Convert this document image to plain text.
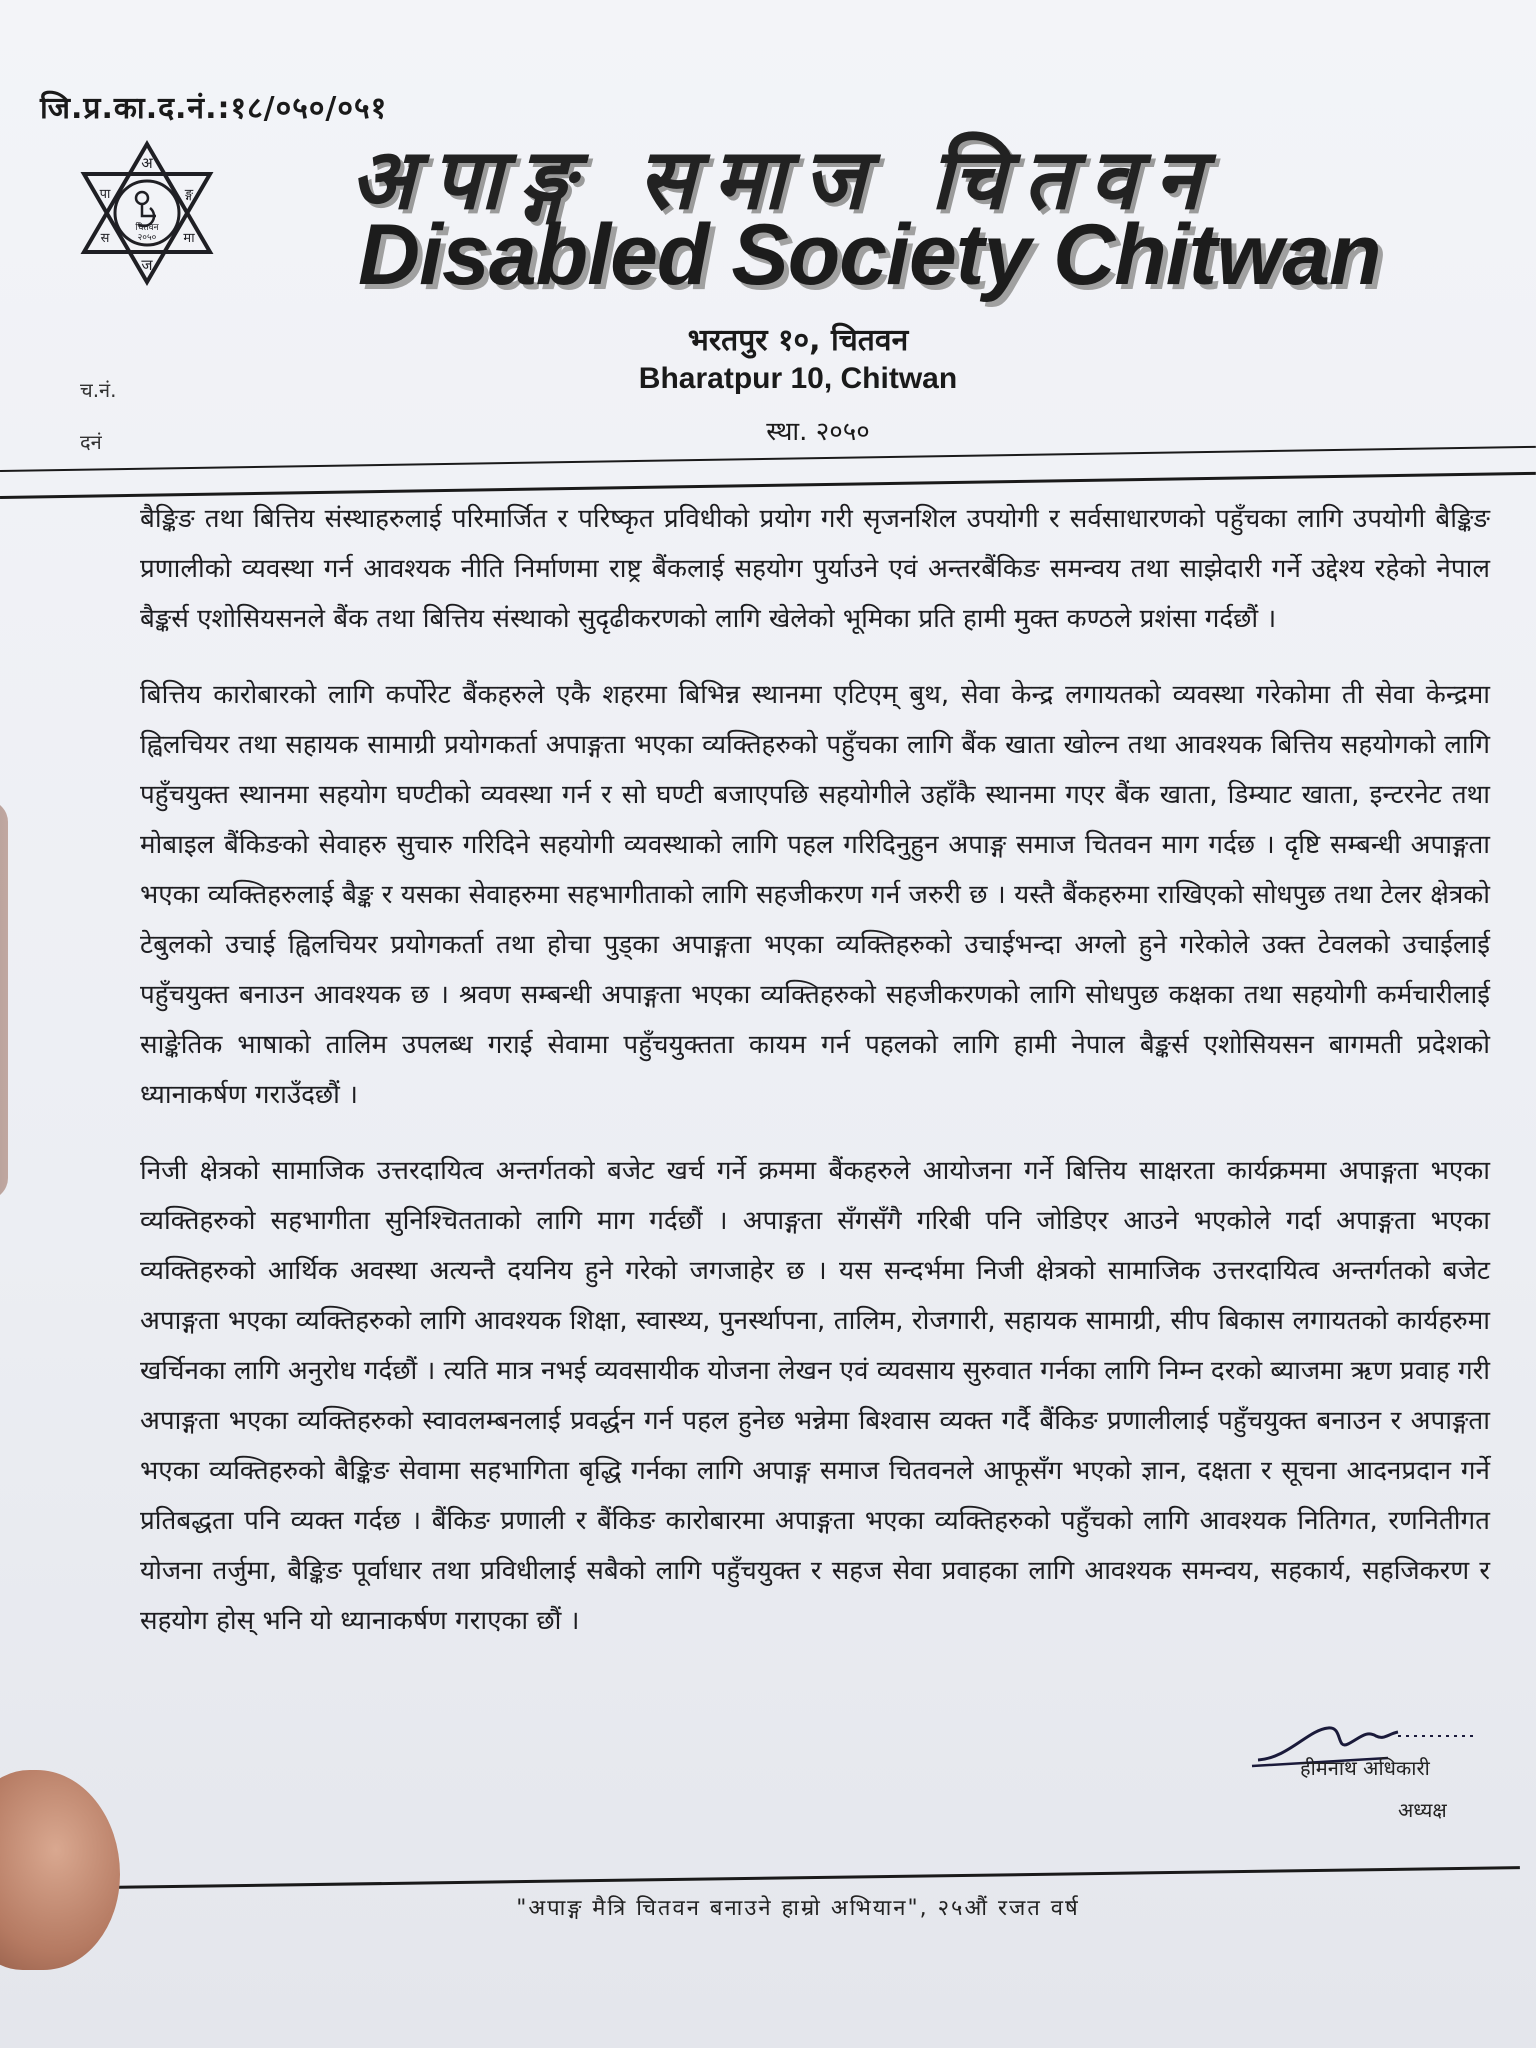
जि.प्र.का.द.नं.:१८/०५०/०५१
अ
पा	ङ्ग
स	मा
ज
चितवन
२०५०
अपाङ्ग समाज चितवन
Disabled Society Chitwan
भरतपुर १०, चितवन
Bharatpur 10, Chitwan
स्था. २०५०
च.नं.
दनं

बैङ्किङ तथा बित्तिय संस्थाहरुलाई परिमार्जित र परिष्कृत प्रविधीको प्रयोग गरी सृजनशिल उपयोगी र सर्वसाधारणको पहुँचका लागि उपयोगी बैङ्किङ प्रणालीको व्यवस्था गर्न आवश्यक नीति निर्माणमा राष्ट्र बैंकलाई सहयोग पुर्याउने एवं अन्तरबैंकिङ समन्वय तथा साझेदारी गर्ने उद्देश्य रहेको नेपाल बैङ्कर्स एशोसियसनले बैंक तथा बित्तिय संस्थाको सुदृढीकरणको लागि खेलेको भूमिका प्रति हामी मुक्त कण्ठले प्रशंसा गर्दछौं ।

बित्तिय कारोबारको लागि कर्पोरेट बैंकहरुले एकै शहरमा बिभिन्न स्थानमा एटिएम् बुथ, सेवा केन्द्र लगायतको व्यवस्था गरेकोमा ती सेवा केन्द्रमा ह्विलचियर तथा सहायक सामाग्री प्रयोगकर्ता अपाङ्गता भएका व्यक्तिहरुको पहुँचका लागि बैंक खाता खोल्न तथा आवश्यक बित्तिय सहयोगको लागि पहुँचयुक्त स्थानमा सहयोग घण्टीको व्यवस्था गर्न र सो घण्टी बजाएपछि सहयोगीले उहाँकै स्थानमा गएर बैंक खाता, डिम्याट खाता, इन्टरनेट तथा मोबाइल बैंकिङको सेवाहरु सुचारु गरिदिने सहयोगी व्यवस्थाको लागि पहल गरिदिनुहुन अपाङ्ग समाज चितवन माग गर्दछ । दृष्टि सम्बन्धी अपाङ्गता भएका व्यक्तिहरुलाई बैङ्क र यसका सेवाहरुमा सहभागीताको लागि सहजीकरण गर्न जरुरी छ । यस्तै बैंकहरुमा राखिएको सोधपुछ तथा टेलर क्षेत्रको टेबुलको उचाई ह्विलचियर प्रयोगकर्ता तथा होचा पुड्का अपाङ्गता भएका व्यक्तिहरुको उचाईभन्दा अग्लो हुने गरेकोले उक्त टेवलको उचाईलाई पहुँचयुक्त बनाउन आवश्यक छ । श्रवण सम्बन्धी अपाङ्गता भएका व्यक्तिहरुको सहजीकरणको लागि सोधपुछ कक्षका तथा सहयोगी कर्मचारीलाई साङ्केतिक भाषाको तालिम उपलब्ध गराई सेवामा पहुँचयुक्तता कायम गर्न पहलको लागि हामी नेपाल बैङ्कर्स एशोसियसन बागमती प्रदेशको ध्यानाकर्षण गराउँदछौं ।

निजी क्षेत्रको सामाजिक उत्तरदायित्व अन्तर्गतको बजेट खर्च गर्ने क्रममा बैंकहरुले आयोजना गर्ने बित्तिय साक्षरता कार्यक्रममा अपाङ्गता भएका व्यक्तिहरुको सहभागीता सुनिश्चितताको लागि माग गर्दछौं । अपाङ्गता सँगसँगै गरिबी पनि जोडिएर आउने भएकोले गर्दा अपाङ्गता भएका व्यक्तिहरुको आर्थिक अवस्था अत्यन्तै दयनिय हुने गरेको जगजाहेर छ । यस सन्दर्भमा निजी क्षेत्रको सामाजिक उत्तरदायित्व अन्तर्गतको बजेट अपाङ्गता भएका व्यक्तिहरुको लागि आवश्यक शिक्षा, स्वास्थ्य, पुनर्स्थापना, तालिम, रोजगारी, सहायक सामाग्री, सीप बिकास लगायतको कार्यहरुमा खर्चिनका लागि अनुरोध गर्दछौं । त्यति मात्र नभई व्यवसायीक योजना लेखन एवं व्यवसाय सुरुवात गर्नका लागि निम्न दरको ब्याजमा ऋण प्रवाह गरी अपाङ्गता भएका व्यक्तिहरुको स्वावलम्बनलाई प्रवर्द्धन गर्न पहल हुनेछ भन्नेमा बिश्वास व्यक्त गर्दै बैंकिङ प्रणालीलाई पहुँचयुक्त बनाउन र अपाङ्गता भएका व्यक्तिहरुको बैङ्किङ सेवामा सहभागिता बृद्धि गर्नका लागि अपाङ्ग समाज चितवनले आफूसँग भएको ज्ञान, दक्षता र सूचना आदनप्रदान गर्ने प्रतिबद्धता पनि व्यक्त गर्दछ । बैंकिङ प्रणाली र बैंकिङ कारोबारमा अपाङ्गता भएका व्यक्तिहरुको पहुँचको लागि आवश्यक नितिगत, रणनितीगत योजना तर्जुमा, बैङ्किङ पूर्वाधार तथा प्रविधीलाई सबैको लागि पहुँचयुक्त र सहज सेवा प्रवाहका लागि आवश्यक समन्वय, सहकार्य, सहजिकरण र सहयोग होस् भनि यो ध्यानाकर्षण गराएका छौं ।

हीमनाथ अधिकारी
अध्यक्ष
"अपाङ्ग मैत्रि चितवन बनाउने हाम्रो अभियान", २५औं रजत वर्ष
